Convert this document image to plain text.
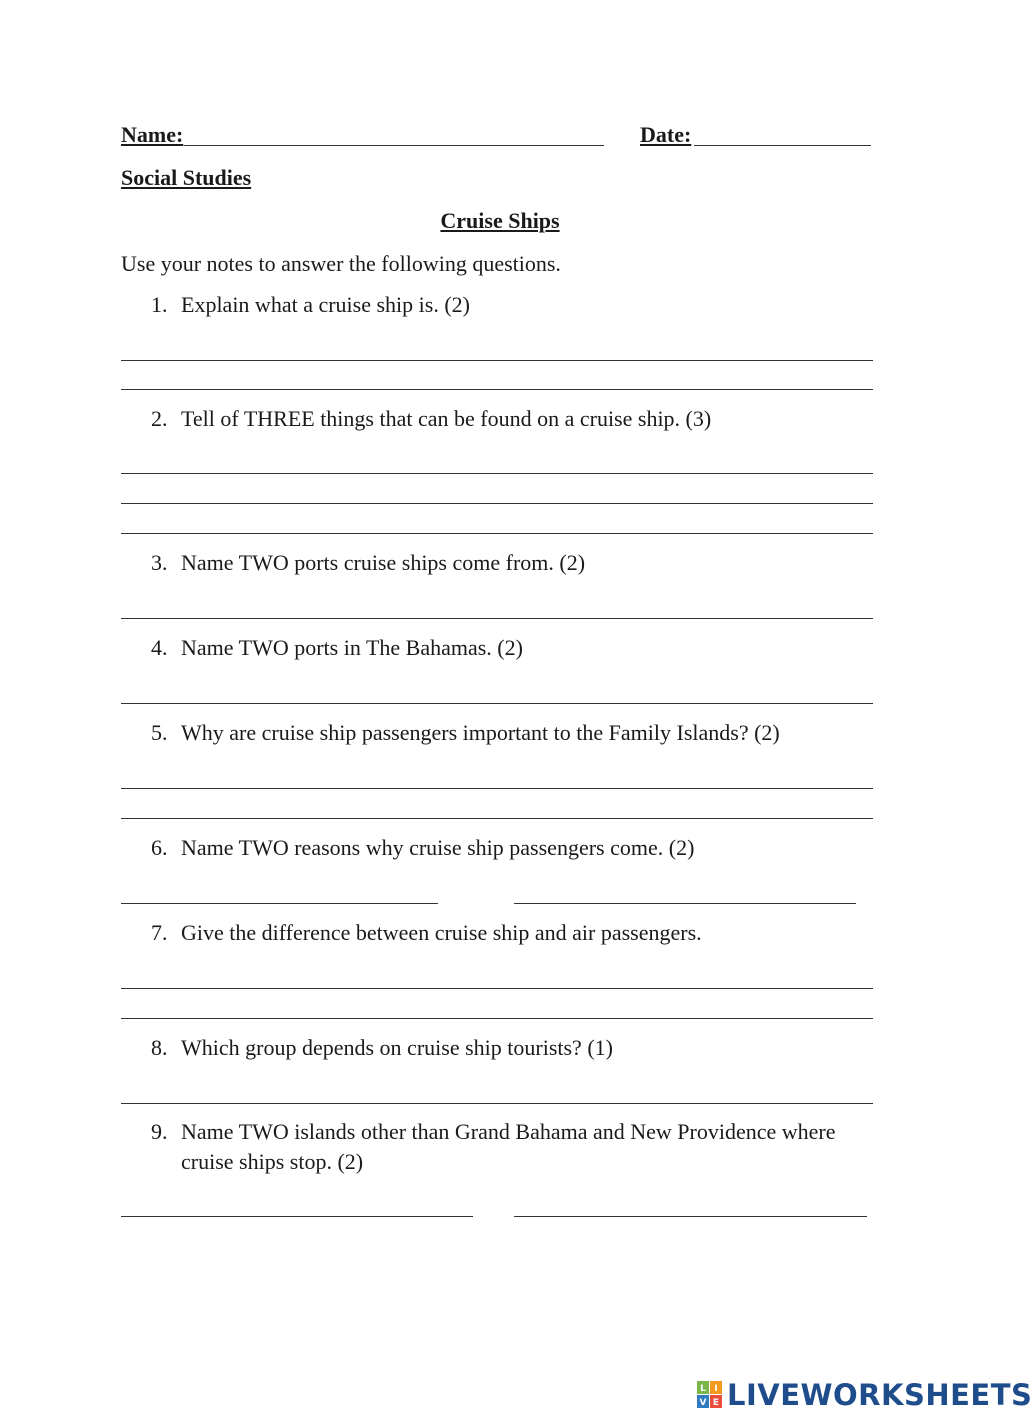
Name:	Date:
Social Studies
Cruise Ships
Use your notes to answer the following questions.
1. Explain what a cruise ship is. (2)
2. Tell of THREE things that can be found on a cruise ship. (3)
3. Name TWO ports cruise ships come from. (2)
4. Name TWO ports in The Bahamas. (2)
5. Why are cruise ship passengers important to the Family Islands? (2)
6. Name TWO reasons why cruise ship passengers come. (2)
7. Give the difference between cruise ship and air passengers.
8. Which group depends on cruise ship tourists? (1)
9. Name TWO islands other than Grand Bahama and New Providence where cruise ships stop. (2)
L I
V E LIVEWORKSHEETS
